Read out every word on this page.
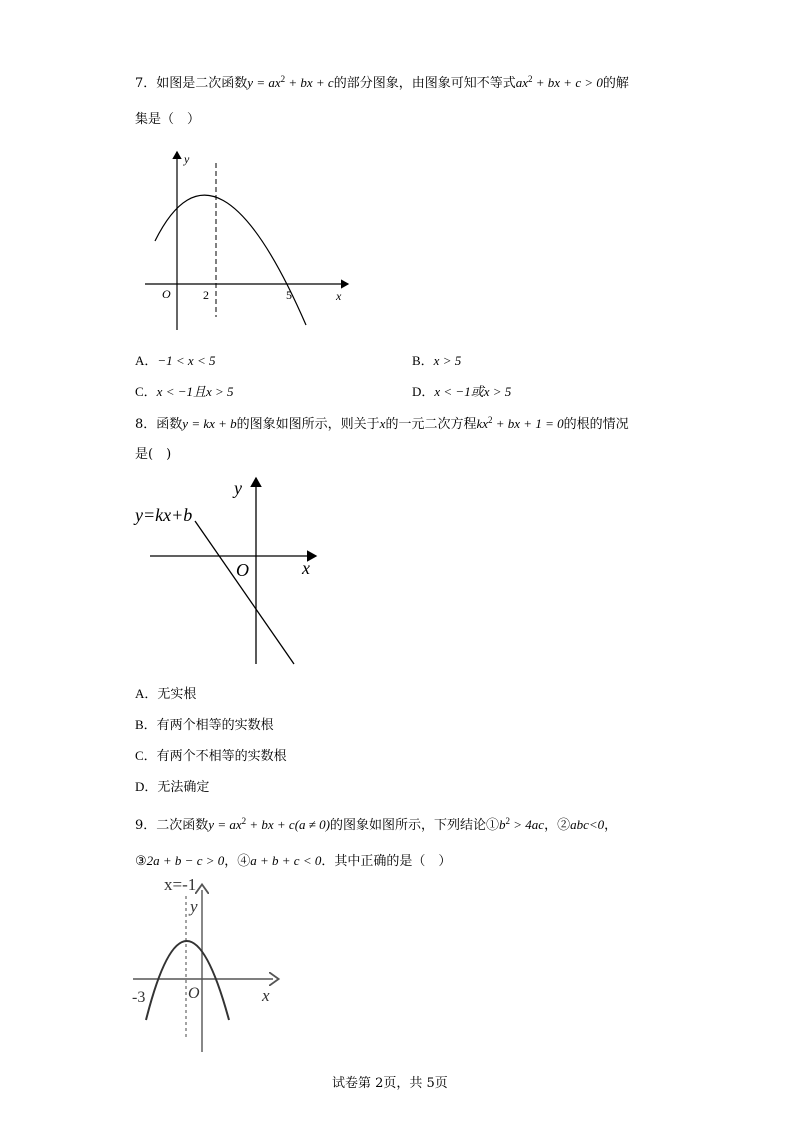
7．如图是二次函数$y = ax^2$ + bx + c的部分图象，由图象可知不等式$ax^2$ + bx + c > 0的解
集是（　）
y
x
O	2	5
A．−1 < x < 5	B．x > 5
C．x < −1且x > 5	D．x < −1或x > 5
8．函数y = kx + b的图象如图所示，则关于x的一元二次方程$kx^2$ + bx + 1 = 0的根的情况
是(　)
y=kx+b
y
x
O
A．无实根
B．有两个相等的实数根
C．有两个不相等的实数根
D．无法确定
9．二次函数$y = ax^2$ + bx + c(a ≠ 0)的图象如图所示，下列结论$①b^2 > 4ac$，②abc<0，
③2a + b − c > 0，④a + b + c < 0．其中正确的是（　）
x=-1
y
x
O
-3
试卷第 2页，共 5页
